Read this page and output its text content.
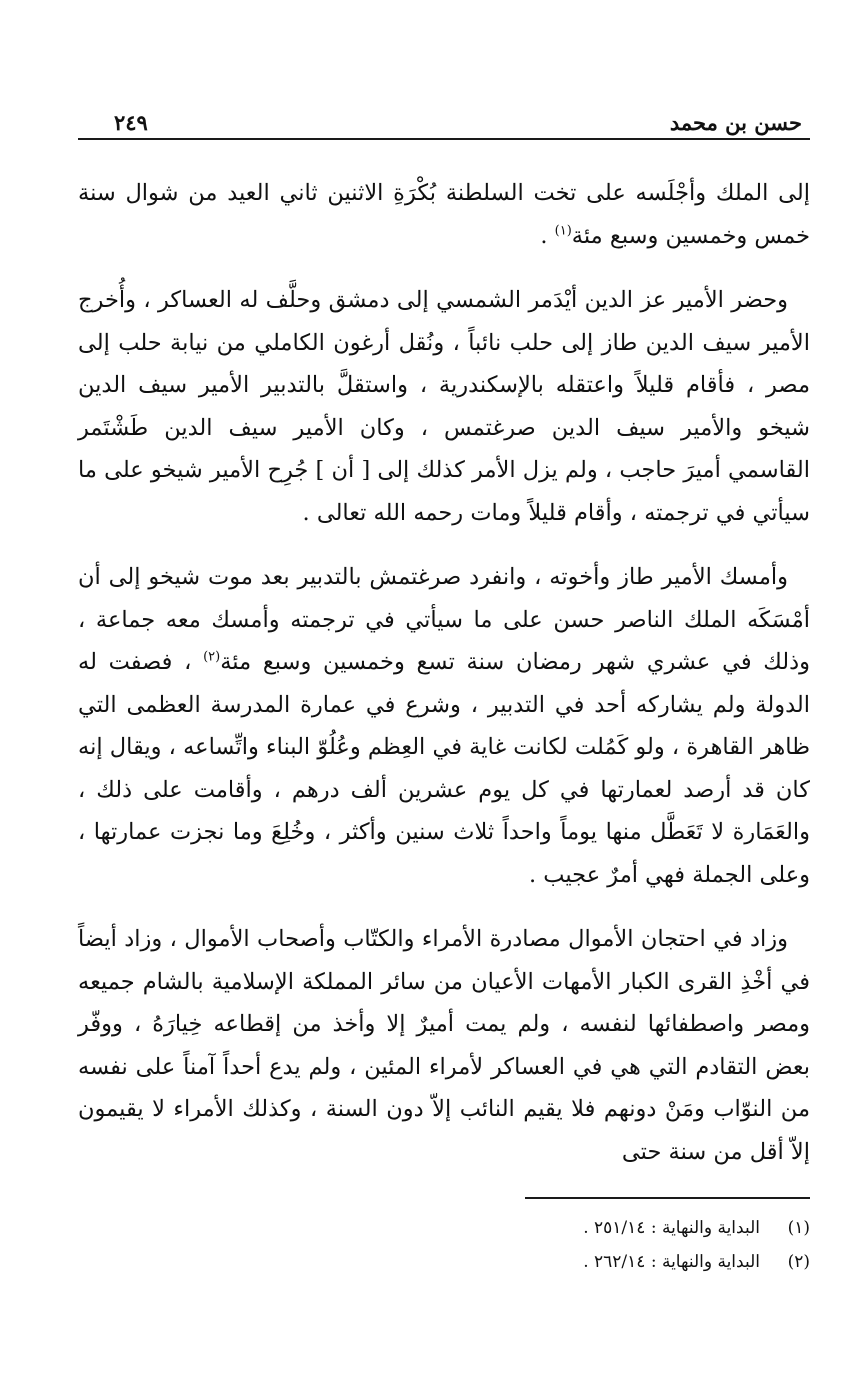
حسن بن محمد
٢٤٩

إلى الملك وأجْلَسه على تخت السلطنة بُكْرَةِ الاثنين ثاني العيد من شوال سنة خمس وخمسين وسبع مئة$^{(١)}$ .

وحضر الأمير عز الدين أيْدَمر الشمسي إلى دمشق وحلَّف له العساكر ، وأُخرج الأمير سيف الدين طاز إلى حلب نائباً ، ونُقل أرغون الكاملي من نيابة حلب إلى مصر ، فأقام قليلاً واعتقله بالإسكندرية ، واستقلَّ بالتدبير الأمير سيف الدين شيخو والأمير سيف الدين صرغتمس ، وكان الأمير سيف الدين طَشْتَمر القاسمي أميرَ حاجب ، ولم يزل الأمر كذلك إلى [ أن ] جُرِح الأمير شيخو على ما سيأتي في ترجمته ، وأقام قليلاً ومات رحمه الله تعالى .

وأمسك الأمير طاز وأخوته ، وانفرد صرغتمش بالتدبير بعد موت شيخو إلى أن أمْسَكَه الملك الناصر حسن على ما سيأتي في ترجمته وأمسك معه جماعة ، وذلك في عشري شهر رمضان سنة تسع وخمسين وسبع مئة$^{(٢)}$ ، فصفت له الدولة ولم يشاركه أحد في التدبير ، وشرع في عمارة المدرسة العظمى التي ظاهر القاهرة ، ولو كَمُلت لكانت غاية في العِظم وعُلُوّ البناء واتِّساعه ، ويقال إنه كان قد أرصد لعمارتها في كل يوم عشرين ألف درهم ، وأقامت على ذلك ، والعَمَارة لا تَعَطَّل منها يوماً واحداً ثلاث سنين وأكثر ، وخُلِعَ وما نجزت عمارتها ، وعلى الجملة فهي أمرٌ عجيب .

وزاد في احتجان الأموال مصادرة الأمراء والكتّاب وأصحاب الأموال ، وزاد أيضاً في أخْذِ القرى الكبار الأمهات الأعيان من سائر المملكة الإسلامية بالشام جميعه ومصر واصطفائها لنفسه ، ولم يمت أميرٌ إلا وأخذ من إقطاعه خِيارَهُ ، ووفّر بعض التقادم التي هي في العساكر لأمراء المئين ، ولم يدع أحداً آمناً على نفسه من النوّاب ومَنْ دونهم فلا يقيم النائب إلاّ دون السنة ، وكذلك الأمراء لا يقيمون إلاّ أقل من سنة حتى

(١)
البداية والنهاية : ٢٥١/١٤ .
(٢)
البداية والنهاية : ٢٦٢/١٤ .
